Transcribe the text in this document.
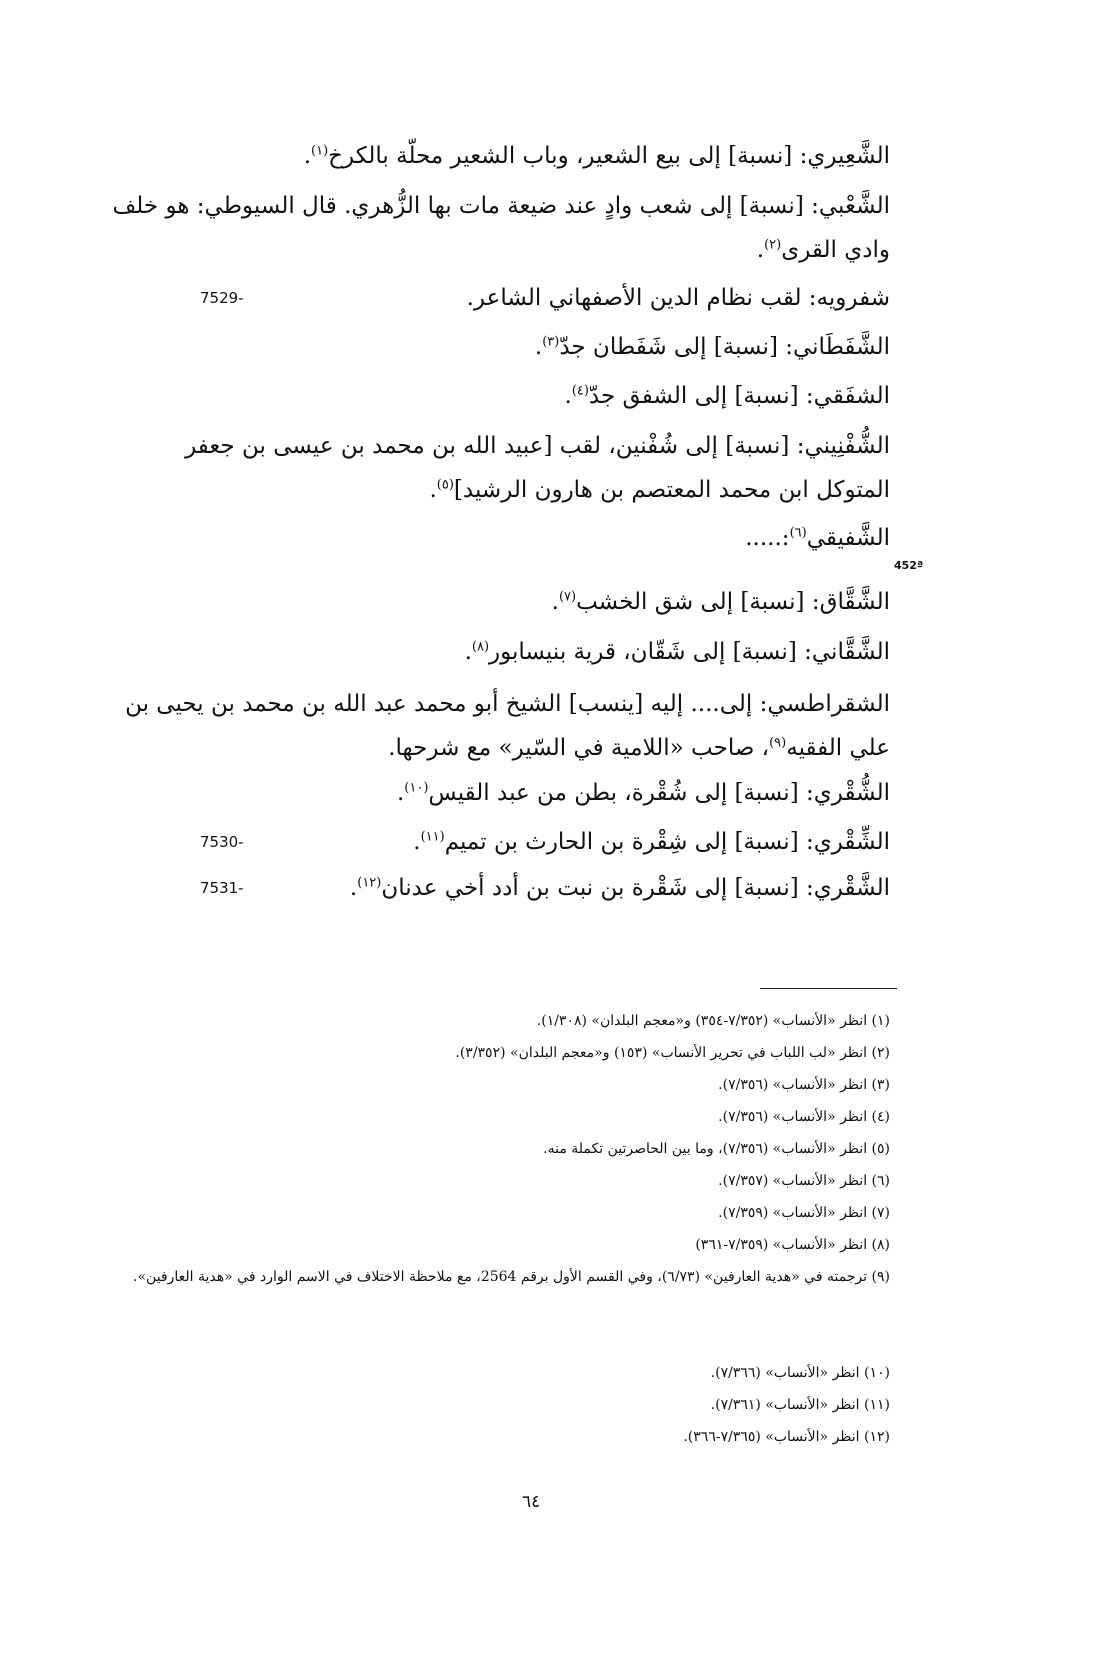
الشَّعِيري: [نسبة] إلى بيع الشعير، وباب الشعير محلّة بالكرخ$^{(١)}$.
الشَّعْبي: [نسبة] إلى شعب وادٍ عند ضيعة مات بها الزُّهري. قال السيوطي: هو خلف وادي القرى$^{(٢)}$.
7529-	شفرويه: لقب نظام الدين الأصفهاني الشاعر.
الشَّفَطَاني: [نسبة] إلى شَفَطان جدّ$^{(٣)}$.
الشفَقي: [نسبة] إلى الشفق جدّ$^{(٤)}$.
الشُّفْنِيني: [نسبة] إلى شُفْنين، لقب [عبيد الله بن محمد بن عيسى بن جعفر المتوكل ابن محمد المعتصم بن هارون الرشيد]$^{(٥)}$.
الشَّفيقي$^{(٦)}$:.....
452ª
الشَّقَّاق: [نسبة] إلى شق الخشب$^{(٧)}$.
الشَّقَّاني: [نسبة] إلى شَقّان، قرية بنيسابور$^{(٨)}$.
الشقراطسي: إلى.... إليه [ينسب] الشيخ أبو محمد عبد الله بن محمد بن يحيى بن علي الفقيه$^{(٩)}$، صاحب «اللامية في السّير» مع شرحها.
الشُّقْري: [نسبة] إلى شُقْرة، بطن من عبد القيس$^{(١٠)}$.
7530-	الشِّقْري: [نسبة] إلى شِقْرة بن الحارث بن تميم$^{(١١)}$.
7531-	الشَّقْري: [نسبة] إلى شَقْرة بن نبت بن أدد أخي عدنان$^{(١٢)}$.
(١) انظر «الأنساب» (٧/٣٥٢-٣٥٤) و«معجم البلدان» (١/٣٠٨).
(٢) انظر «لب اللباب في تحرير الأنساب» (١٥٣) و«معجم البلدان» (٣/٣٥٢).
(٣) انظر «الأنساب» (٧/٣٥٦).
(٤) انظر «الأنساب» (٧/٣٥٦).
(٥) انظر «الأنساب» (٧/٣٥٦)، وما بين الحاصرتين تكملة منه.
(٦) انظر «الأنساب» (٧/٣٥٧).
(٧) انظر «الأنساب» (٧/٣٥٩).
(٨) انظر «الأنساب» (٧/٣٥٩-٣٦١)
(٩) ترجمته في «هدية العارفين» (٦/٧٣)، وفي القسم الأول برقم 2564، مع ملاحظة الاختلاف في الاسم الوارد في «هدية العارفين».
(١٠) انظر «الأنساب» (٧/٣٦٦).
(١١) انظر «الأنساب» (٧/٣٦١).
(١٢) انظر «الأنساب» (٧/٣٦٥-٣٦٦).
٦٤
